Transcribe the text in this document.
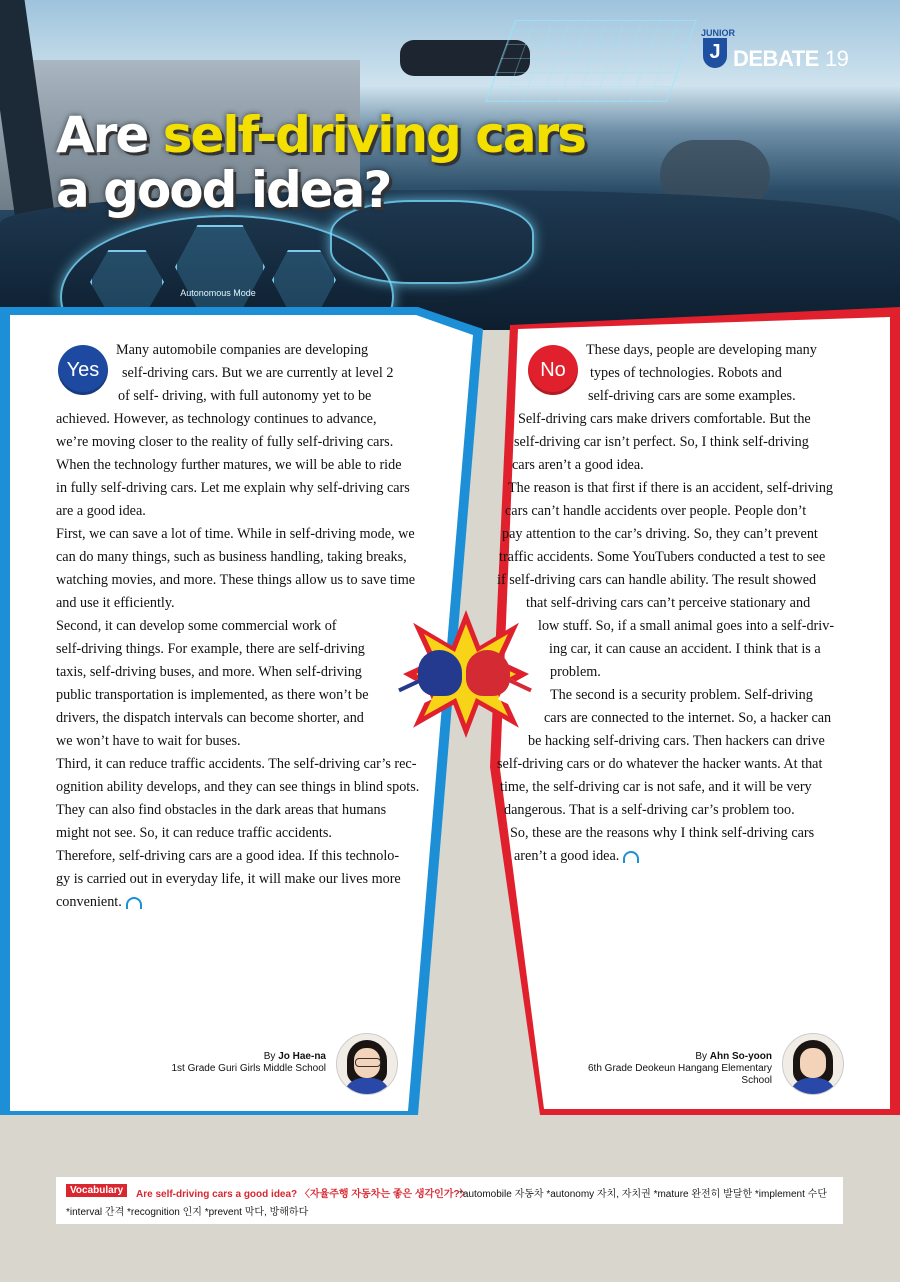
Autonomous Mode
Are self-driving cars
a good idea?
JUNIOR
J DEBATE 19
Yes	No
Many automobile companies are developing
self-driving cars. But we are currently at level 2
of self- driving, with full autonomy yet to be
achieved. However, as technology continues to advance,
we’re moving closer to the reality of fully self-driving cars.
When the technology further matures, we will be able to ride
in fully self-driving cars. Let me explain why self-driving cars
are a good idea.
First, we can save a lot of time. While in self-driving mode, we
can do many things, such as business handling, taking breaks,
watching movies, and more. These things allow us to save time
and use it efficiently.
Second, it can develop some commercial work of
self-driving things. For example, there are self-driving
taxis, self-driving buses, and more. When self-driving
public transportation is implemented, as there won’t be
drivers, the dispatch intervals can become shorter, and
we won’t have to wait for buses.
Third, it can reduce traffic accidents. The self-driving car’s rec-
ognition ability develops, and they can see things in blind spots.
They can also find obstacles in the dark areas that humans
might not see. So, it can reduce traffic accidents.
Therefore, self-driving cars are a good idea. If this technolo-
gy is carried out in everyday life, it will make our lives more
convenient.
These days, people are developing many
types of technologies. Robots and
self-driving cars are some examples.
Self-driving cars make drivers comfortable. But the
self-driving car isn’t perfect. So, I think self-driving
cars aren’t a good idea.
The reason is that first if there is an accident, self-driving
cars can’t handle accidents over people. People don’t
pay attention to the car’s driving. So, they can’t prevent
traffic accidents. Some YouTubers conducted a test to see
if self-driving cars can handle ability. The result showed
that self-driving cars can’t perceive stationary and
low stuff. So, if a small animal goes into a self-driv-
ing car, it can cause an accident. I think that is a
problem.
The second is a security problem. Self-driving
cars are connected to the internet. So, a hacker can
be hacking self-driving cars. Then hackers can drive
self-driving cars or do whatever the hacker wants. At that
time, the self-driving car is not safe, and it will be very
dangerous. That is a self-driving car’s problem too.
So, these are the reasons why I think self-driving cars
aren’t a good idea.
By Jo Hae-na
1st Grade Guri Girls Middle School
By Ahn So-yoon
6th Grade Deokeun Hangang Elementary School
Vocabulary	Are self-driving cars a good idea? 〈자율주행 자동차는 좋은 생각인가?〉
*automobile 자동차 *autonomy 자치, 자치권 *mature 완전히 발달한 *implement 수단
*interval 간격 *recognition 인지 *prevent 막다, 방해하다
